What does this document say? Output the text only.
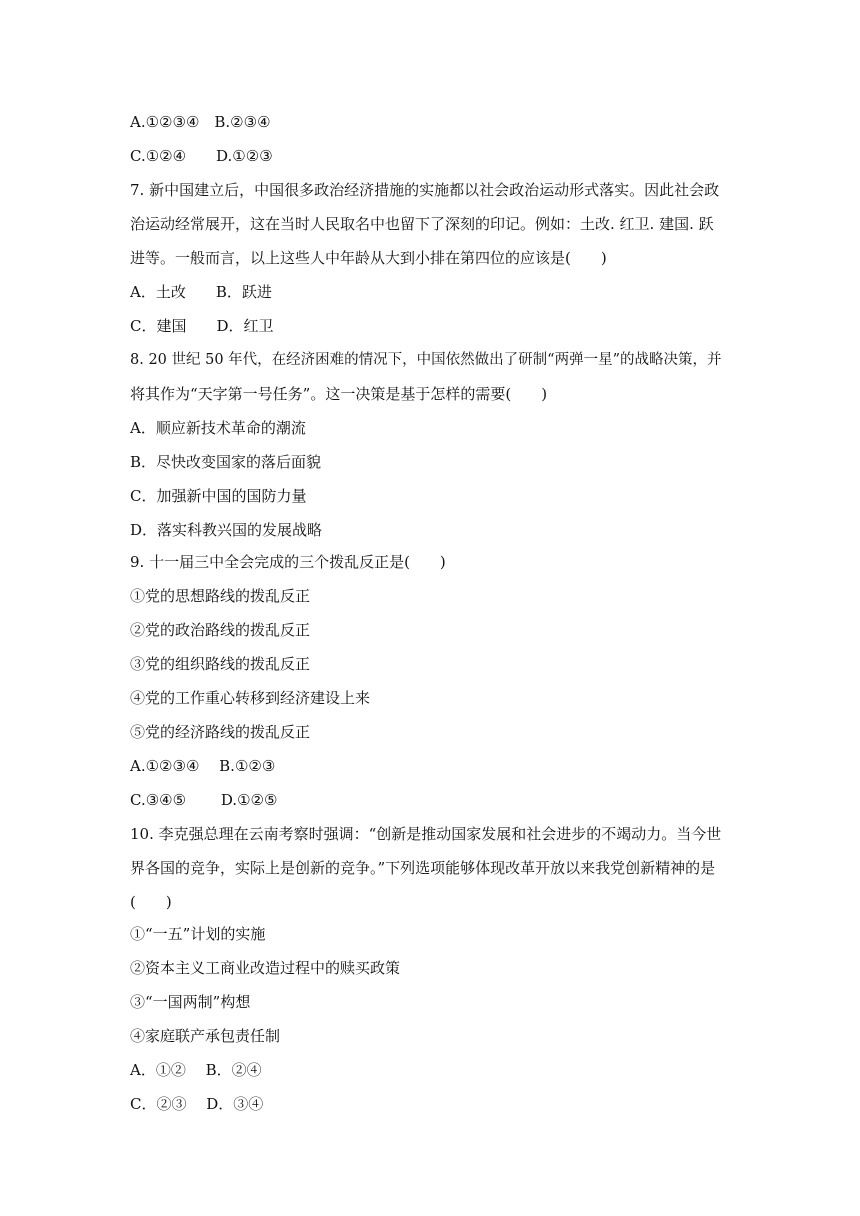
A.①②③④　B.②③④
C.①②④　　D.①②③
7. 新中国建立后，中国很多政治经济措施的实施都以社会政治运动形式落实。因此社会政
治运动经常展开，这在当时人民取名中也留下了深刻的印记。例如：土改. 红卫. 建国. 跃
进等。一般而言，以上这些人中年龄从大到小排在第四位的应该是(　　)
A．土改　　B．跃进
C．建国　　D．红卫
8. 20 世纪 50 年代，在经济困难的情况下，中国依然做出了研制“两弹一星”的战略决策，并
将其作为“天字第一号任务”。这一决策是基于怎样的需要(　　)
A．顺应新技术革命的潮流
B．尽快改变国家的落后面貌
C．加强新中国的国防力量
D．落实科教兴国的发展战略
9. 十一届三中全会完成的三个拨乱反正是(　　)
①党的思想路线的拨乱反正
②党的政治路线的拨乱反正
③党的组织路线的拨乱反正
④党的工作重心转移到经济建设上来
⑤党的经济路线的拨乱反正
A.①②③④　 B.①②③
C.③④⑤　　 D.①②⑤
10. 李克强总理在云南考察时强调：“创新是推动国家发展和社会进步的不竭动力。当今世
界各国的竞争，实际上是创新的竞争。”下列选项能够体现改革开放以来我党创新精神的是
(　　)
①“一五”计划的实施
②资本主义工商业改造过程中的赎买政策
③“一国两制”构想
④家庭联产承包责任制
A．①②　 B．②④
C．②③　 D．③④
